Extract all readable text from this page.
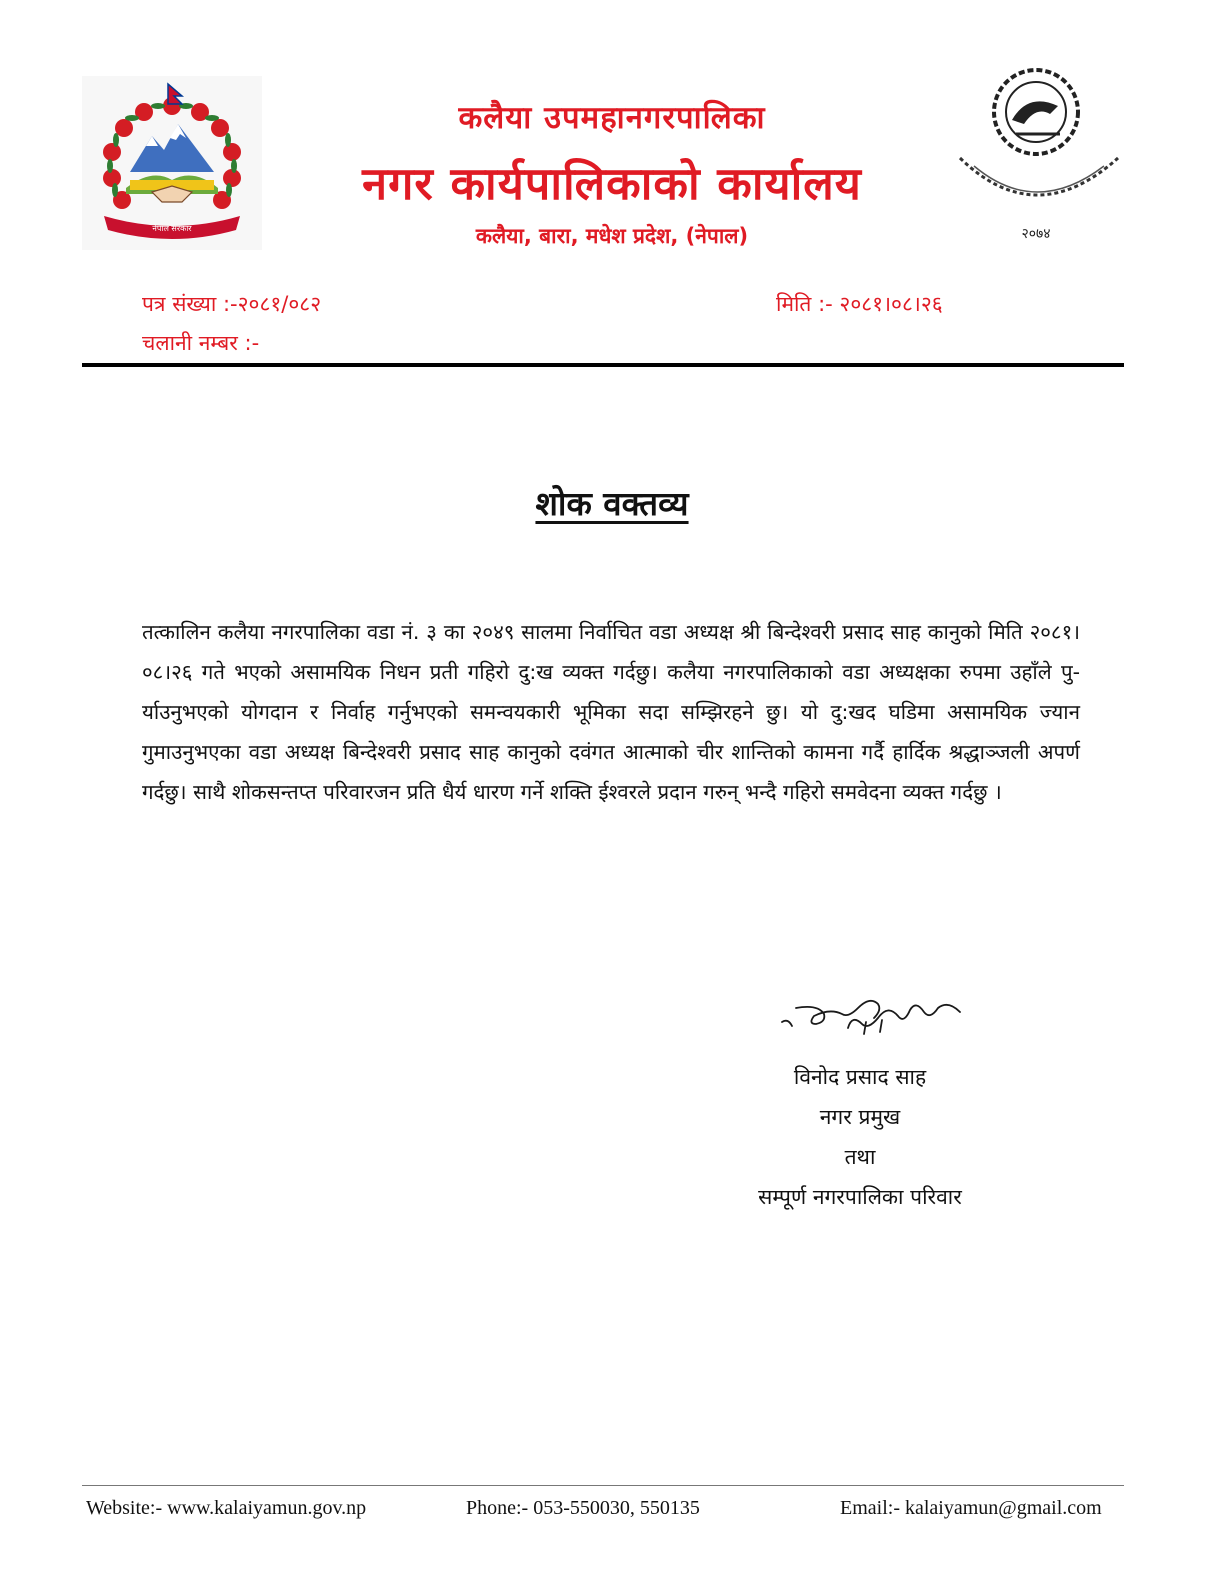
नेपाल सरकार	२०७४
कलैया उपमहानगरपालिका
नगर कार्यपालिकाको कार्यालय
कलैया, बारा, मधेश प्रदेश, (नेपाल)
पत्र संख्या :-२०८१/०८२
चलानी नम्बर :-
मिति :- २०८१।०८।२६
शोक वक्तव्य
तत्कालिन कलैया नगरपालिका वडा नं. ३ का २०४९ सालमा निर्वाचित वडा अध्यक्ष श्री बिन्देश्वरी प्रसाद साह कानुको मिति २०८१।०८।२६ गते भएको असामयिक निधन प्रती गहिरो दु:ख व्यक्त गर्दछु। कलैया नगरपालिकाको वडा अध्यक्षका रुपमा उहाँले पु-र्याउनुभएको योगदान र निर्वाह गर्नुभएको समन्वयकारी भूमिका सदा सम्झिरहने छु। यो दु:खद घडिमा असामयिक ज्यान गुमाउनुभएका वडा अध्यक्ष बिन्देश्वरी प्रसाद साह कानुको दवंगत आत्माको चीर शान्तिको कामना गर्दै हार्दिक श्रद्धाञ्जली अपर्ण गर्दछु। साथै शोकसन्तप्त परिवारजन प्रति धैर्य धारण गर्ने शक्ति ईश्वरले प्रदान गरुन् भन्दै गहिरो समवेदना व्यक्त गर्दछु ।
विनोद प्रसाद साह
नगर प्रमुख
तथा
सम्पूर्ण नगरपालिका परिवार
Website:- www.kalaiyamun.gov.np	Phone:- 053-550030, 550135	Email:- kalaiyamun@gmail.com
